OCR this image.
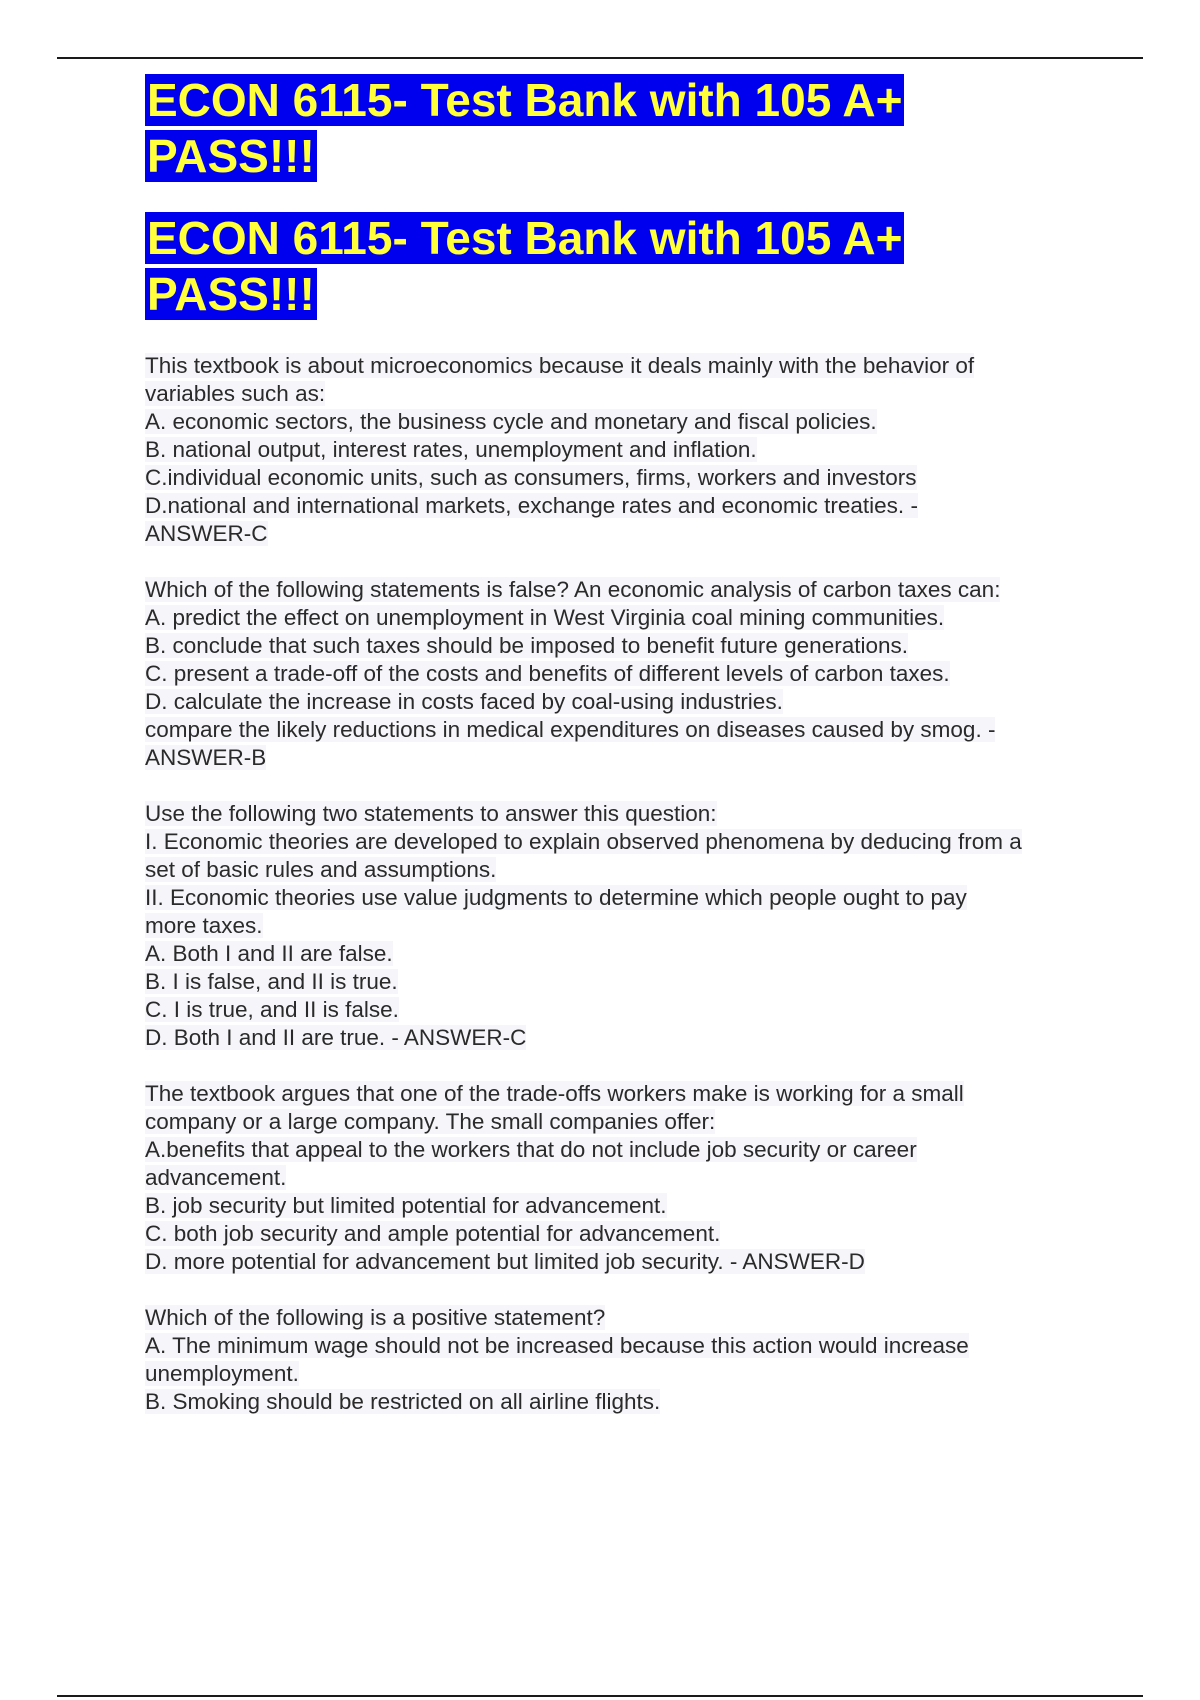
ECON 6115- Test Bank with 105 A+ PASS!!!
ECON 6115- Test Bank with 105 A+ PASS!!!
This textbook is about microeconomics because it deals mainly with the behavior of
variables such as:
A. economic sectors, the business cycle and monetary and fiscal policies.
B. national output, interest rates, unemployment and inflation.
C.individual economic units, such as consumers, firms, workers and investors
D.national and international markets, exchange rates and economic treaties. -
ANSWER-C
Which of the following statements is false? An economic analysis of carbon taxes can:
A. predict the effect on unemployment in West Virginia coal mining communities.
B. conclude that such taxes should be imposed to benefit future generations.
C. present a trade-off of the costs and benefits of different levels of carbon taxes.
D. calculate the increase in costs faced by coal-using industries.
compare the likely reductions in medical expenditures on diseases caused by smog. -
ANSWER-B
Use the following two statements to answer this question:
I. Economic theories are developed to explain observed phenomena by deducing from a
set of basic rules and assumptions.
II. Economic theories use value judgments to determine which people ought to pay
more taxes.
A. Both I and II are false.
B. I is false, and II is true.
C. I is true, and II is false.
D. Both I and II are true. - ANSWER-C
The textbook argues that one of the trade-offs workers make is working for a small
company or a large company. The small companies offer:
A.benefits that appeal to the workers that do not include job security or career
advancement.
B. job security but limited potential for advancement.
C. both job security and ample potential for advancement.
D. more potential for advancement but limited job security. - ANSWER-D
Which of the following is a positive statement?
A. The minimum wage should not be increased because this action would increase
unemployment.
B. Smoking should be restricted on all airline flights.
